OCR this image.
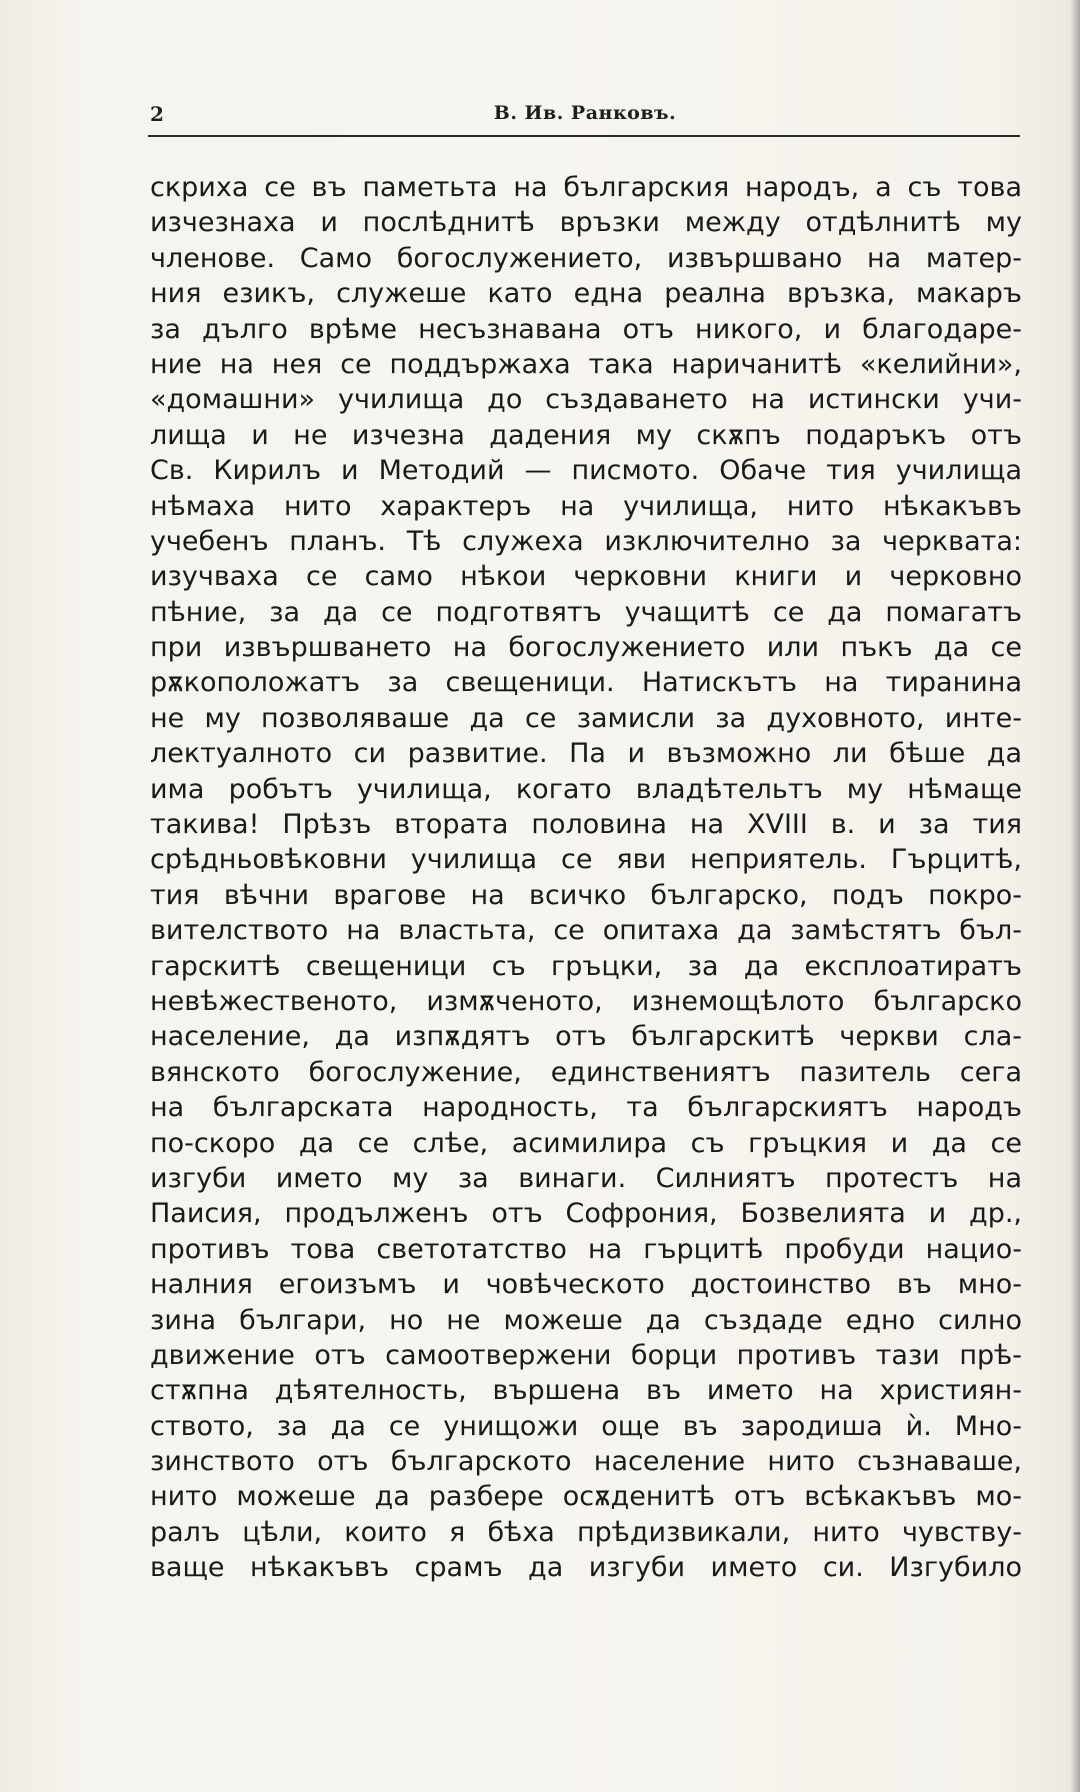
2	В. Ив. Ранковъ.
скриха се въ паметьта на българския народъ, а съ това
изчезнаха и послѣднитѣ връзки между отдѣлнитѣ му
членове. Само богослужението, извършвано на матер-
ния езикъ, служеше като една реална връзка, макаръ
за дълго врѣме несъзнавана отъ никого, и благодаре-
ние на нея се поддържаха така наричанитѣ «келийни»,
«домашни» училища до създаването на истински учи-
лища и не изчезна дадения му скѫпъ подаръкъ отъ
Св. Кирилъ и Методий — писмото. Обаче тия училища
нѣмаха нито характеръ на училища, нито нѣкакъвъ
учебенъ планъ. Тѣ служеха изключително за черквата:
изучваха се само нѣкои черковни книги и черковно
пѣние, за да се подготвятъ учащитѣ се да помагатъ
при извършването на богослужението или пъкъ да се
рѫкоположатъ за свещеници. Натискътъ на тиранина
не му позволяваше да се замисли за духовното, инте-
лектуалното си развитие. Па и възможно ли бѣше да
има робътъ училища, когато владѣтельтъ му нѣмаще
такива! Прѣзъ втората половина на XVIII в. и за тия
срѣдньовѣковни училища се яви неприятель. Гърцитѣ,
тия вѣчни врагове на всичко българско, подъ покро-
вителството на властьта, се опитаха да замѣстятъ бъл-
гарскитѣ свещеници съ гръцки, за да експлоатиратъ
невѣжественото, измѫченото, изнемощѣлото българско
население, да изпѫдятъ отъ българскитѣ черкви сла-
вянското богослужение, единствениятъ пазитель сега
на българската народность, та българскиятъ народъ
по-скоро да се слѣе, асимилира съ гръцкия и да се
изгуби името му за винаги. Силниятъ протестъ на
Паисия, продълженъ отъ Софрония, Бозвелията и др.,
противъ това светотатство на гърцитѣ пробуди нацио-
налния егоизъмъ и човѣческото достоинство въ мно-
зина българи, но не можеше да създаде едно силно
движение отъ самоотвержени борци противъ тази прѣ-
стѫпна дѣятелность, вършена въ името на християн-
ството, за да се унищожи още въ зародиша ѝ. Мно-
зинството отъ българското население нито съзнаваше,
нито можеше да разбере осѫденитѣ отъ всѣкакъвъ мо-
ралъ цѣли, които я бѣха прѣдизвикали, нито чувству-
ваще нѣкакъвъ срамъ да изгуби името си. Изгубило
